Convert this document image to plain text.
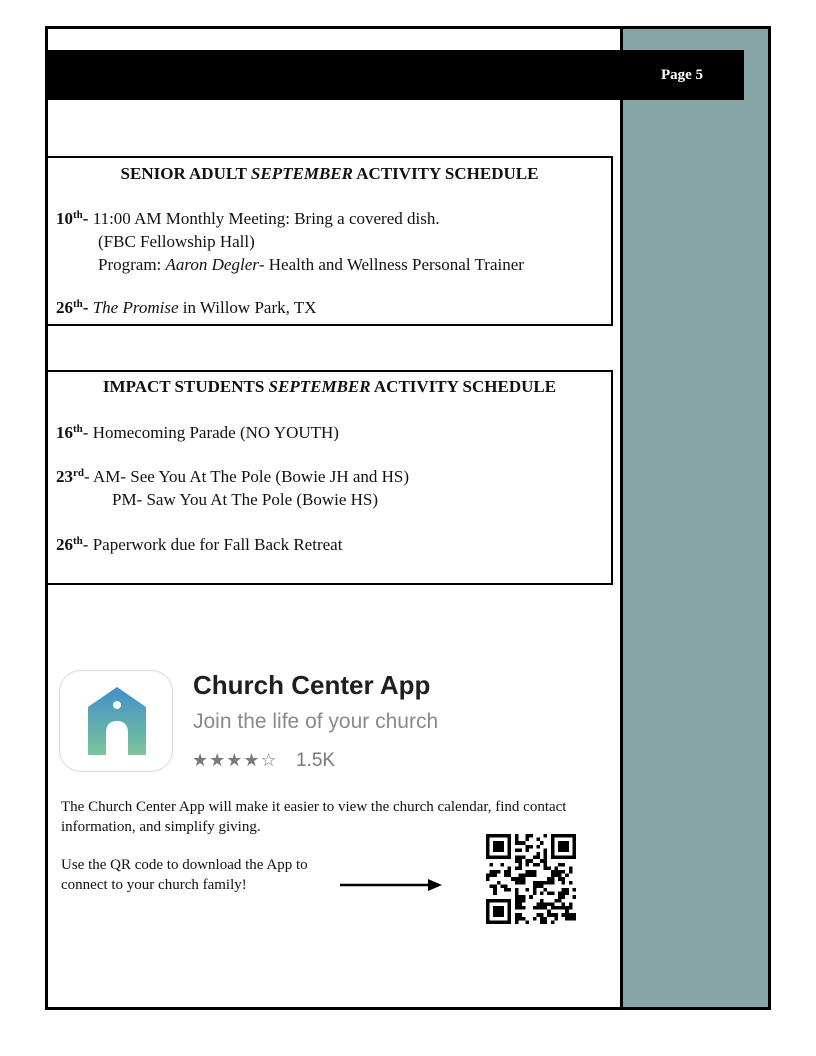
Page 5
SENIOR ADULT SEPTEMBER ACTIVITY SCHEDULE
10th- 11:00 AM Monthly Meeting: Bring a covered dish.
(FBC Fellowship Hall)
Program: Aaron Degler- Health and Wellness Personal Trainer
26th- The Promise in Willow Park, TX
IMPACT STUDENTS SEPTEMBER ACTIVITY SCHEDULE
16th- Homecoming Parade (NO YOUTH)
23rd- AM- See You At The Pole (Bowie JH and HS)
PM- Saw You At The Pole (Bowie HS)
26th- Paperwork due for Fall Back Retreat
Church Center App
Join the life of your church
★★★★☆ 1.5K
The Church Center App will make it easier to view the church calendar, find contact information, and simplify giving.
Use the QR code to download the App to connect to your church family!
